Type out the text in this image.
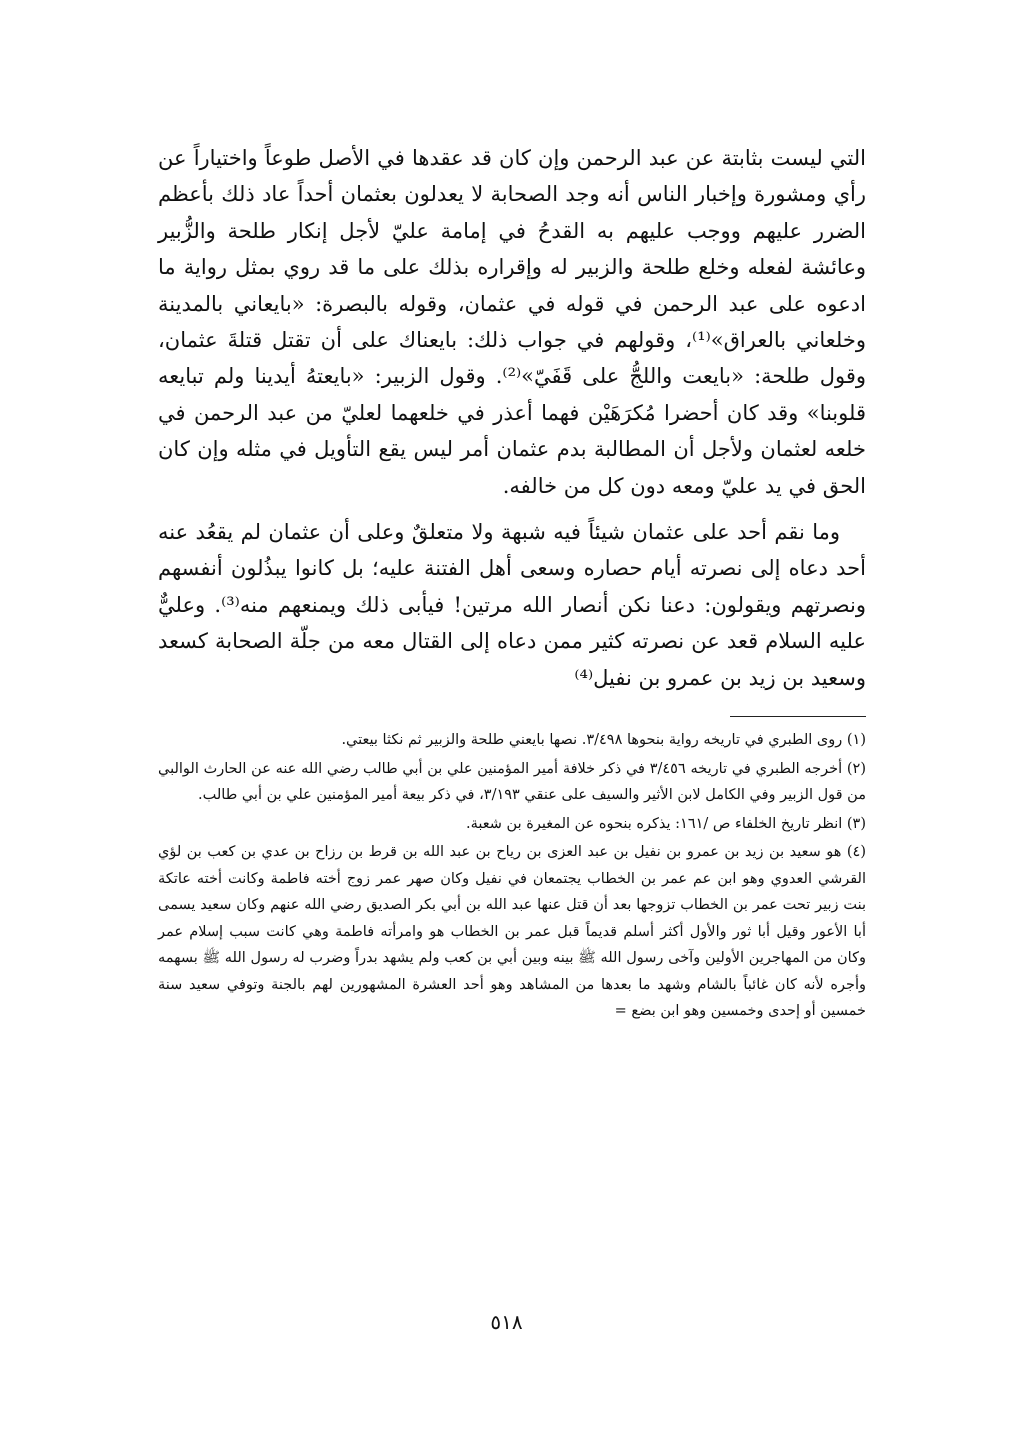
التي ليست بثابتة عن عبد الرحمن وإن كان قد عقدها في الأصل طوعاً واختياراً عن رأي ومشورة وإخبار الناس أنه وجد الصحابة لا يعدلون بعثمان أحداً عاد ذلك بأعظم الضرر عليهم ووجب عليهم به القدحُ في إمامة عليّ لأجل إنكار طلحة والزُّبير وعائشة لفعله وخلع طلحة والزبير له وإقراره بذلك على ما قد روي بمثل رواية ما ادعوه على عبد الرحمن في قوله في عثمان، وقوله بالبصرة: «بايعاني بالمدينة وخلعاني بالعراق»⁽¹⁾، وقولهم في جواب ذلك: بايعناك على أن تقتل قتلةَ عثمان، وقول طلحة: «بايعت واللجُّ على قَفَيّ»⁽²⁾. وقول الزبير: «بايعتهُ أيدينا ولم تبايعه قلوبنا» وقد كان أحضرا مُكرَهَيْن فهما أعذر في خلعهما لعليّ من عبد الرحمن في خلعه لعثمان ولأجل أن المطالبة بدم عثمان أمر ليس يقع التأويل في مثله وإن كان الحق في يد عليّ ومعه دون كل من خالفه.

وما نقم أحد على عثمان شيئاً فيه شبهة ولا متعلقٌ وعلى أن عثمان لم يقعُد عنه أحد دعاه إلى نصرته أيام حصاره وسعى أهل الفتنة عليه؛ بل كانوا يبذُلون أنفسهم ونصرتهم ويقولون: دعنا نكن أنصار الله مرتين! فيأبى ذلك ويمنعهم منه⁽³⁾. وعليٌّ عليه السلام قعد عن نصرته كثير ممن دعاه إلى القتال معه من جلّة الصحابة كسعد وسعيد بن زيد بن عمرو بن نفيل⁽⁴⁾

(١) روى الطبري في تاريخه رواية بنحوها ٣/٤٩٨. نصها بايعني طلحة والزبير ثم نكثا بيعتي.

(٢) أخرجه الطبري في تاريخه ٣/٤٥٦ في ذكر خلافة أمير المؤمنين علي بن أبي طالب رضي الله عنه عن الحارث الوالبي من قول الزبير وفي الكامل لابن الأثير والسيف على عنقي ٣/١٩٣، في ذكر بيعة أمير المؤمنين علي بن أبي طالب.

(٣) انظر تاريخ الخلفاء ص /١٦١: يذكره بنحوه عن المغيرة بن شعبة.

(٤) هو سعيد بن زيد بن عمرو بن نفيل بن عبد العزى بن رياح بن عبد الله بن قرط بن رزاح بن عدي بن كعب بن لؤي القرشي العدوي وهو ابن عم عمر بن الخطاب يجتمعان في نفيل وكان صهر عمر زوج أخته فاطمة وكانت أخته عاتكة بنت زبير تحت عمر بن الخطاب تزوجها بعد أن قتل عنها عبد الله بن أبي بكر الصديق رضي الله عنهم وكان سعيد يسمى أبا الأعور وقيل أبا ثور والأول أكثر أسلم قديماً قبل عمر بن الخطاب هو وامرأته فاطمة وهي كانت سبب إسلام عمر وكان من المهاجرين الأولين وآخى رسول الله ﷺ بينه وبين أبي بن كعب ولم يشهد بدراً وضرب له رسول الله ﷺ بسهمه وأجره لأنه كان غائباً بالشام وشهد ما بعدها من المشاهد وهو أحد العشرة المشهورين لهم بالجنة وتوفي سعيد سنة خمسين أو إحدى وخمسين وهو ابن بضع =

٥١٨
